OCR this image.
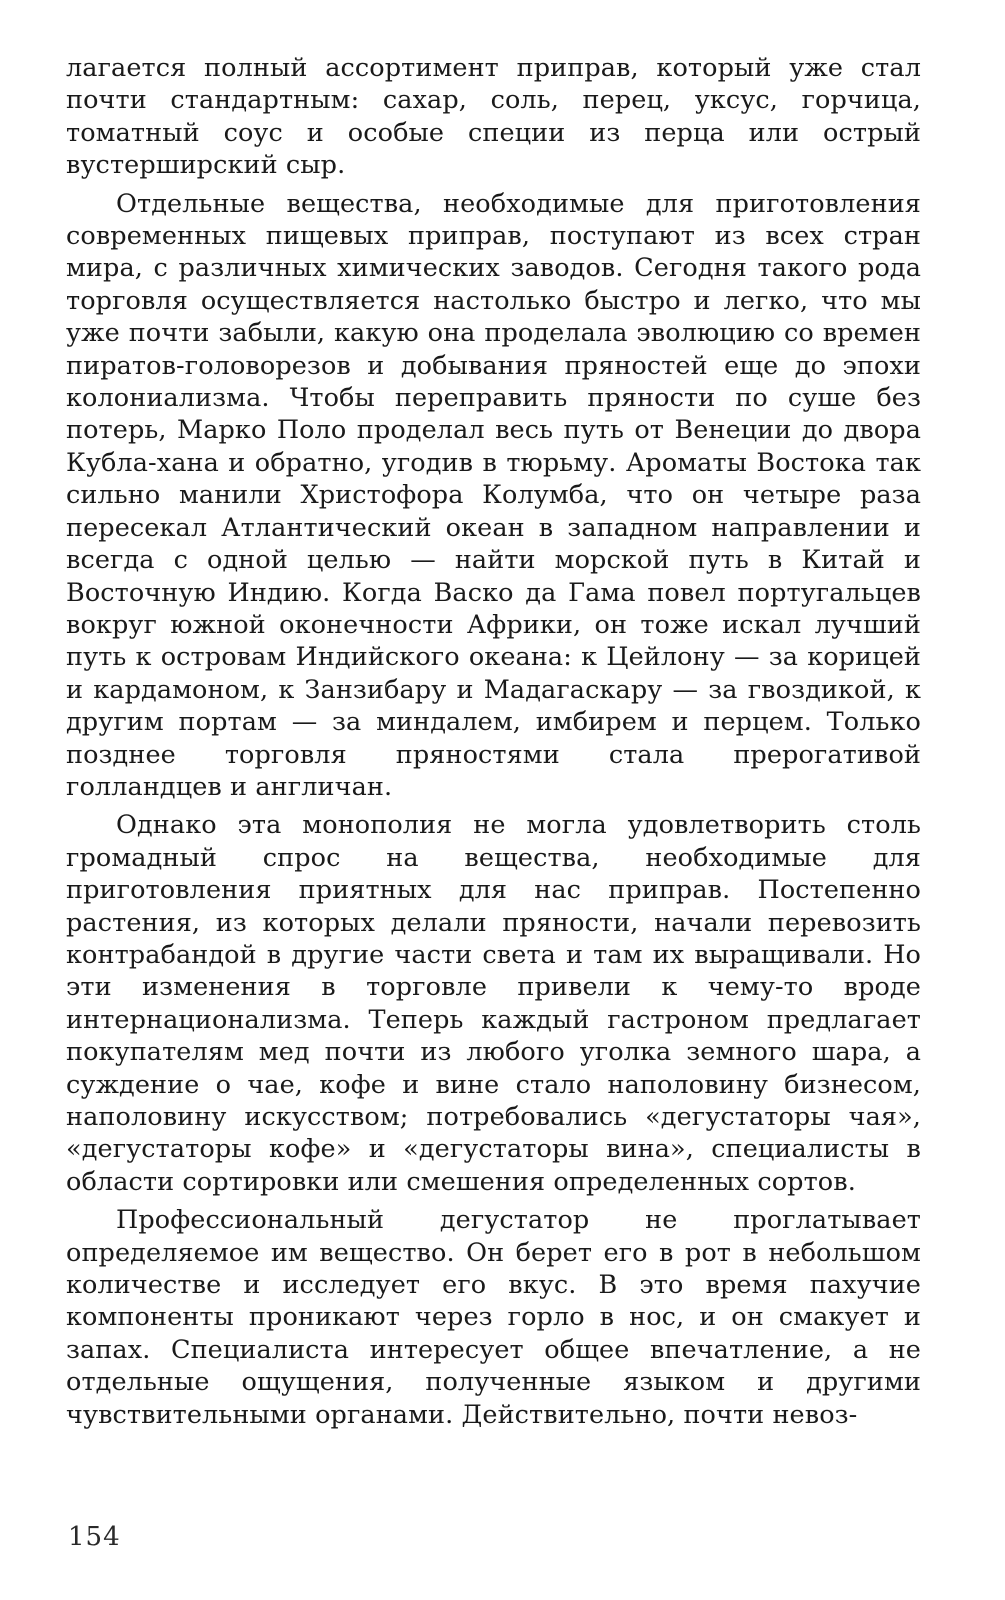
лагается полный ассортимент приправ, который уже стал почти стандартным: сахар, соль, перец, уксус, горчица, томатный соус и особые специи из перца или острый вустерширский сыр.

Отдельные вещества, необходимые для приготовления современных пищевых приправ, поступают из всех стран мира, с различных химических заводов. Сегодня такого рода торговля осуществляется настолько быстро и легко, что мы уже почти забыли, какую она проделала эволюцию со времен пиратов-головорезов и добывания пряностей еще до эпохи колониализма. Чтобы переправить пряности по суше без потерь, Марко Поло проделал весь путь от Венеции до двора Кубла-хана и обратно, угодив в тюрьму. Ароматы Востока так сильно манили Христофора Колумба, что он четыре раза пересекал Атлантический океан в западном направлении и всегда с одной целью — найти морской путь в Китай и Восточную Индию. Когда Васко да Гама повел португальцев вокруг южной оконечности Африки, он тоже искал лучший путь к островам Индийского океана: к Цейлону — за корицей и кардамоном, к Занзибару и Мадагаскару — за гвоздикой, к другим портам — за миндалем, имбирем и перцем. Только позднее торговля пряностями стала прерогативой голландцев и англичан.

Однако эта монополия не могла удовлетворить столь громадный спрос на вещества, необходимые для приготовления приятных для нас приправ. Постепенно растения, из которых делали пряности, начали перевозить контрабандой в другие части света и там их выращивали. Но эти изменения в торговле привели к чему-то вроде интернационализма. Теперь каждый гастроном предлагает покупателям мед почти из любого уголка земного шара, а суждение о чае, кофе и вине стало наполовину бизнесом, наполовину искусством; потребовались «дегустаторы чая», «дегустаторы кофе» и «дегустаторы вина», специалисты в области сортировки или смешения определенных сортов.

Профессиональный дегустатор не проглатывает определяемое им вещество. Он берет его в рот в небольшом количестве и исследует его вкус. В это время пахучие компоненты проникают через горло в нос, и он смакует и запах. Специалиста интересует общее впечатление, а не отдельные ощущения, полученные языком и другими чувствительными органами. Действительно, почти невоз-

154
